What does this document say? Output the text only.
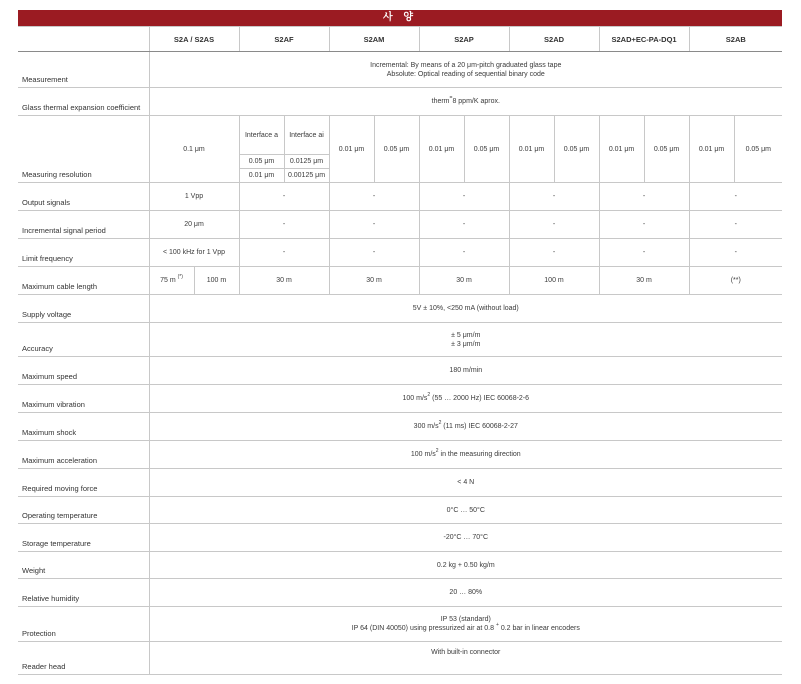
사 양
	S2A / S2AS		S2AF		S2AM		S2AP		S2AD		S2AD+EC-PA-DQ1		S2AB	
Measurement	Incremental: By means of a 20 μm-pitch graduated glass tape
Absolute: Optical reading of sequential binary code													

Glass thermal expansion coefficient	therm=8 ppm/K aprox.													
Measuring resolution	0.1 μm		Interface a	Interface ai	0.01 μm	0.05 μm	0.01 μm	0.05 μm	0.01 μm	0.05 μm	0.01 μm	0.05 μm	0.01 μm	0.05 μm
			0.05 μm	0.0125 μm										
			0.01 μm	0.00125 μm										
Output signals	1 Vpp		-		-		-		-		-		-	
Incremental signal period	20 μm		-		-		-		-		-		-	
Limit frequency	< 100 kHz for 1 Vpp		-		-		-		-		-		-	
Maximum cable length	75 m (*)	100 m	30 m		30 m		30 m		100 m		30 m		(**)	
Supply voltage	5V ± 10%, <250 mA (without load)													
Accuracy	± 5 μm/m
± 3 μm/m													

Maximum speed	180 m/min													
Maximum vibration	100 $m/s^2$ (55 … 2000 Hz) IEC 60068-2-6													
Maximum shock	300 $m/s^2$ (11 ms) IEC 60068-2-27													
Maximum acceleration	100 $m/s^2$ in the measuring direction													
Required moving force	< 4 N													
Operating temperature	0°C … 50°C													
Storage temperature	-20°C … 70°C													
Weight	0.2 kg + 0.50 kg/m													
Relative humidity	20 … 80%													
Protection	IP 53 (standard)
IP 64 (DIN 40050) using pressurized air at 0.8 + 0.2 bar in linear encoders													

Reader head	With built-in connector													
